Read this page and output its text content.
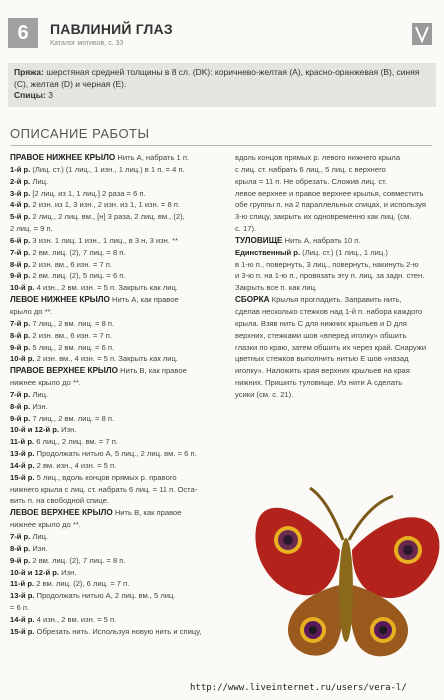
6	ПАВЛИНИЙ ГЛАЗ
Каталог мотивов, с. 33
Пряжа: шерстяная средней толщины в 8 сл. (DK): коричнево-желтая (А), красно-оранжевая (В), синяя (С), желтая (D) и черная (Е).
Спицы: 3
ОПИСАНИЕ РАБОТЫ
ПРАВОЕ НИЖНЕЕ КРЫЛО Нить А, набрать 1 п.
1-й р. (Лиц. ст.) (1 лиц., 1 изн., 1 лиц.) в 1 п. = 4 п.
2-й р. Лиц.
3-й р. [2 лиц. из 1, 1 лиц.] 2 раза = 6 п.
4-й р. 2 изн. из 1, 3 изн., 2 изн. из 1, 1 изн. = 8 п.
5-й р. 2 лиц., 2 лиц. вм., [н] 3 раза, 2 лиц. вм., (2),
2 лиц. = 9 п.
6-й р. 3 изн. 1 лиц. 1 изн., 1 лиц., в 3 н, 3 изн. **
7-й р. 2 вм. лиц. (2), 7 лиц. = 8 п.
8-й р. 2 изн. вм., 6 изн. = 7 п.
9-й р. 2 вм. лиц. (2), 5 лиц. = 6 п.
10-й р. 4 изн., 2 вм. изн. = 5 п. Закрыть как лиц.
ЛЕВОЕ НИЖНЕЕ КРЫЛО Нить А, как правое
крыло до **.
7-й р. 7 лиц., 2 вм. лиц. = 8 п.
8-й р. 2 изн. вм., 6 изн. = 7 п.
9-й р. 5 лиц., 2 вм. лиц. = 6 п.
10-й р. 2 изн. вм., 4 изн. = 5 п. Закрыть как лиц.
ПРАВОЕ ВЕРХНЕЕ КРЫЛО Нить В, как правое
нижнее крыло до **.
7-й р. Лиц.
8-й р. Изн.
9-й р. 7 лиц., 2 вм. лиц. = 8 п.
10-й и 12-й р. Изн.
11-й р. 6 лиц., 2 лиц. вм. = 7 п.
13-й р. Продолжать нитью А, 5 лиц., 2 лиц. вм. = 6 п.
14-й р. 2 вм. изн., 4 изн. = 5 п.
15-й р. 5 лиц., вдоль концов прямых р. правого
нижнего крыла с лиц. ст. набрать 6 лиц. = 11 п. Оста-
вить п. на свободной спице.
ЛЕВОЕ ВЕРХНЕЕ КРЫЛО Нить В, как правое
нижнее крыло до **.
7-й р. Лиц.
8-й р. Изн.
9-й р. 2 вм. лиц. (2), 7 лиц. = 8 п.
10-й и 12-й р. Изн.
11-й р. 2 вм. лиц. (2), 6 лиц. = 7 п.
13-й р. Продолжать нитью А, 2 лиц. вм., 5 лиц.
= 6 п.
14-й р. 4 изн., 2 вм. изн. = 5 п.
15-й р. Обрезать нить. Используя новую нить и спицу,
вдоль концов прямых р. левого нижнего крыла
с лиц. ст. набрать 6 лиц., 5 лиц. с верхнего
крыла = 11 п. Не обрезать. Сложив лиц. ст.
левое верхнее и правое верхнее крылья, совместить
обе группы п. на 2 параллельных спицах, и используя
3-ю спицу, закрыть их одновременно как лиц. (см.
с. 17).
ТУЛОВИЩЕ Нить А, набрать 10 п.
Единственный р. (Лиц. ст.) (1 лиц., 1 лиц.)
в 1-ю п., повернуть, 3 лиц., повернуть, накинуть 2-ю
и 3-ю п. на 1-ю п., провязать эту п. лиц. за задн. стен.
Закрыть все п. как лиц.
СБОРКА Крылья прогладить. Заправить нить,
сделав несколько стежков над 1-й п. набора каждого
крыла. Взяв нить С для нижних крыльев и D для
верхних, стежками шов «вперед иголку» обшить
глазки по краю, затем обшить их через край. Снаружи
цветных стежков выполнить нитью Е шов «назад
иголку». Наложить края верхних крыльев на края
нижних. Пришить туловище. Из нити А сделать
усики (см. с. 21).
http://www.liveinternet.ru/users/vera-l/
